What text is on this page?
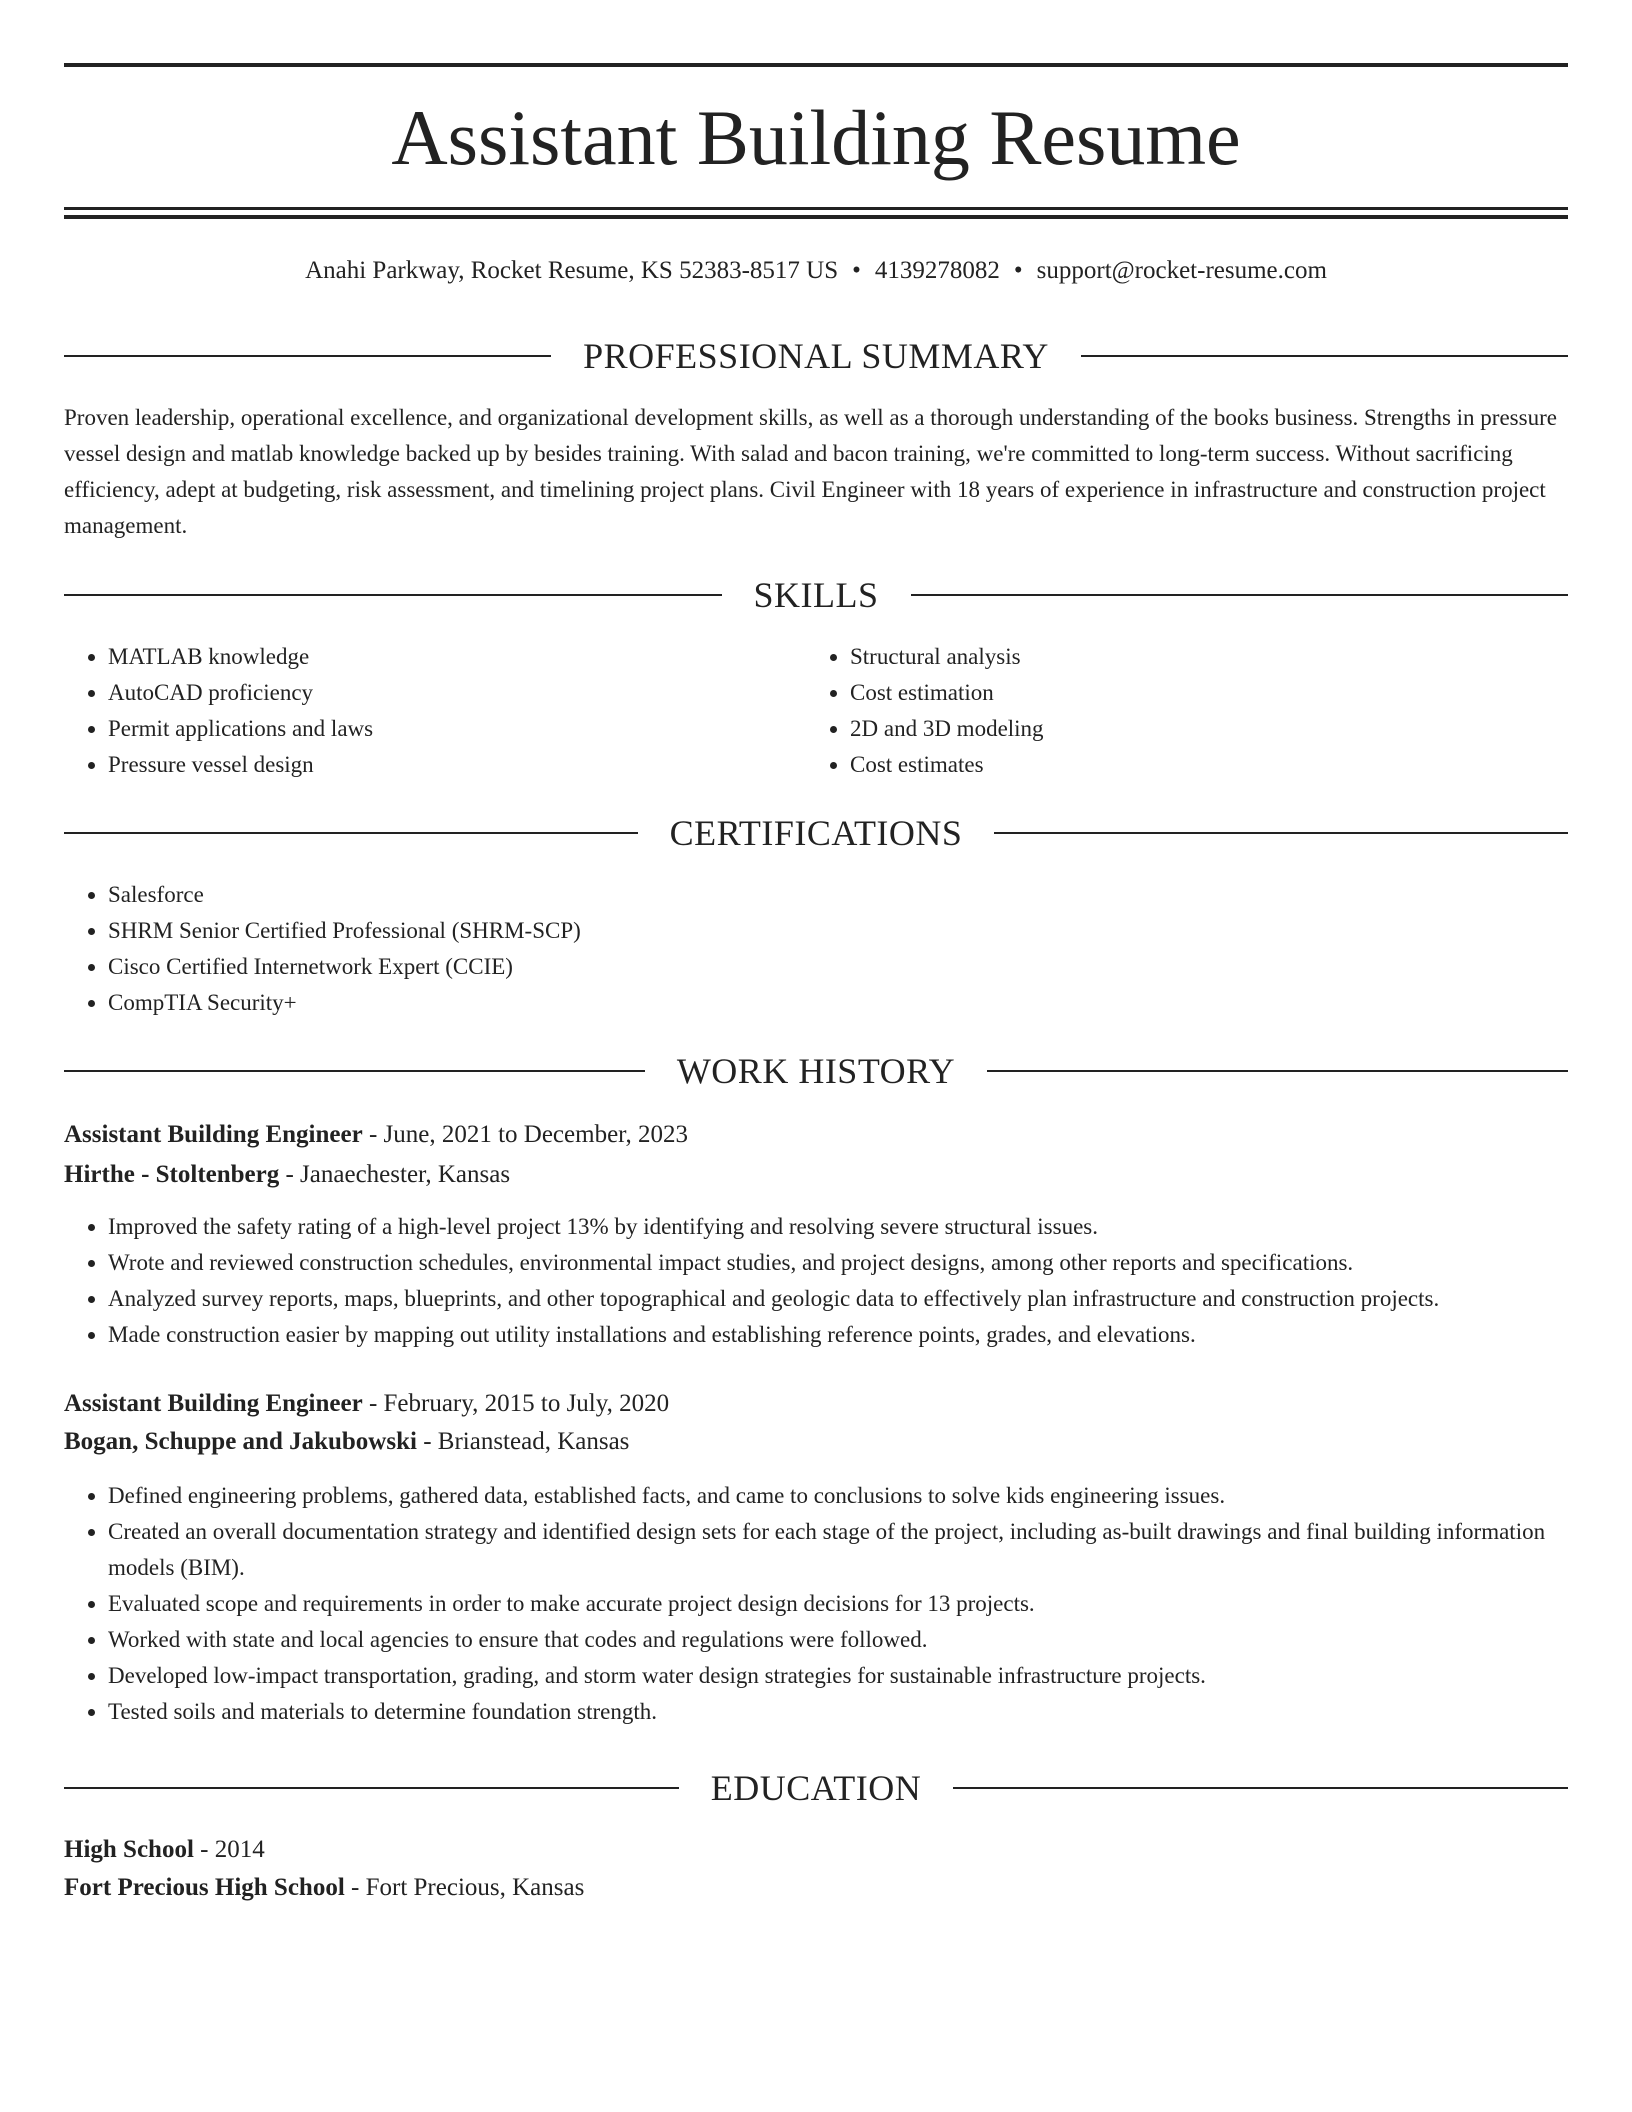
Assistant Building Resume
Anahi Parkway, Rocket Resume, KS 52383-8517 US • 4139278082 • support@rocket-resume.com
PROFESSIONAL SUMMARY

Proven leadership, operational excellence, and organizational development skills, as well as a thorough understanding of the books business. Strengths in pressure vessel design and matlab knowledge backed up by besides training. With salad and bacon training, we're committed to long-term success. Without sacrificing efficiency, adept at budgeting, risk assessment, and timelining project plans. Civil Engineer with 18 years of experience in infrastructure and construction project management.

SKILLS
• MATLAB knowledge
• AutoCAD proficiency
• Permit applications and laws
• Pressure vessel design
• Structural analysis
• Cost estimation
• 2D and 3D modeling
• Cost estimates
CERTIFICATIONS
• Salesforce
• SHRM Senior Certified Professional (SHRM-SCP)
• Cisco Certified Internetwork Expert (CCIE)
• CompTIA Security+
WORK HISTORY
Assistant Building Engineer - June, 2021 to December, 2023
Hirthe - Stoltenberg - Janaechester, Kansas
• Improved the safety rating of a high-level project 13% by identifying and resolving severe structural issues.
• Wrote and reviewed construction schedules, environmental impact studies, and project designs, among other reports and specifications.
• Analyzed survey reports, maps, blueprints, and other topographical and geologic data to effectively plan infrastructure and construction projects.
• Made construction easier by mapping out utility installations and establishing reference points, grades, and elevations.
Assistant Building Engineer - February, 2015 to July, 2020
Bogan, Schuppe and Jakubowski - Brianstead, Kansas
• Defined engineering problems, gathered data, established facts, and came to conclusions to solve kids engineering issues.
• Created an overall documentation strategy and identified design sets for each stage of the project, including as-built drawings and final building information models (BIM).
• Evaluated scope and requirements in order to make accurate project design decisions for 13 projects.
• Worked with state and local agencies to ensure that codes and regulations were followed.
• Developed low-impact transportation, grading, and storm water design strategies for sustainable infrastructure projects.
• Tested soils and materials to determine foundation strength.
EDUCATION
High School - 2014
Fort Precious High School - Fort Precious, Kansas
